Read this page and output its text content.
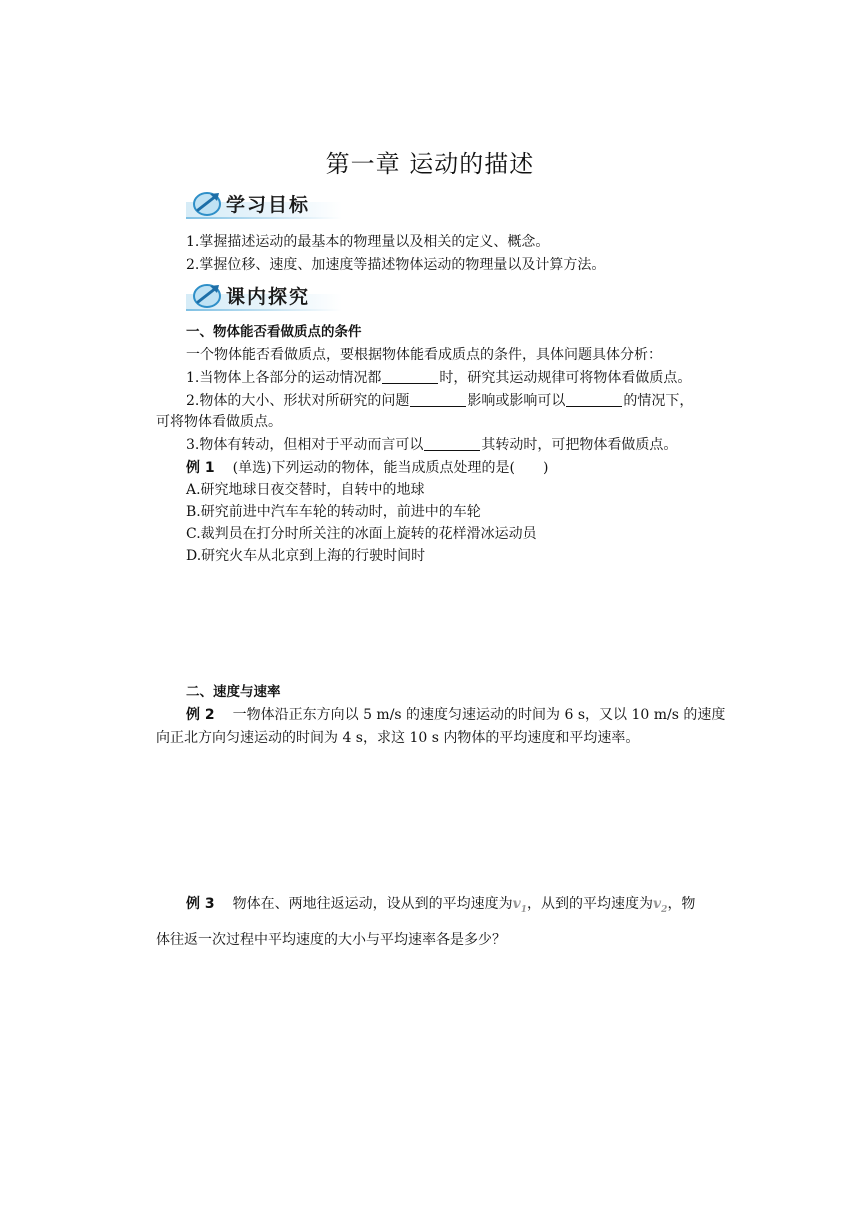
第一章 运动的描述
学习目标
1.掌握描述运动的最基本的物理量以及相关的定义、概念。
2.掌握位移、速度、加速度等描述物体运动的物理量以及计算方法。
课内探究
一、物体能否看做质点的条件
一个物体能否看做质点，要根据物体能看成质点的条件，具体问题具体分析：
1.当物体上各部分的运动情况都	时，研究其运动规律可将物体看做质点。
2.物体的大小、形状对所研究的问题	影响或影响可以	的情况下，
可将物体看做质点。
3.物体有转动，但相对于平动而言可以	其转动时，可把物体看做质点。
例 1 (单选)下列运动的物体，能当成质点处理的是(　　)
A.研究地球日夜交替时，自转中的地球
B.研究前进中汽车车轮的转动时，前进中的车轮
C.裁判员在打分时所关注的冰面上旋转的花样滑冰运动员
D.研究火车从北京到上海的行驶时间时
二、速度与速率
例 2 一物体沿正东方向以 5 m/s 的速度匀速运动的时间为 6 s，又以 10 m/s 的速度
向正北方向匀速运动的时间为 4 s，求这 10 s 内物体的平均速度和平均速率。
例 3 物体在、两地往返运动，设从到的平均速度为$v_1$，从到的平均速度为$v_2$，物
体往返一次过程中平均速度的大小与平均速率各是多少？
